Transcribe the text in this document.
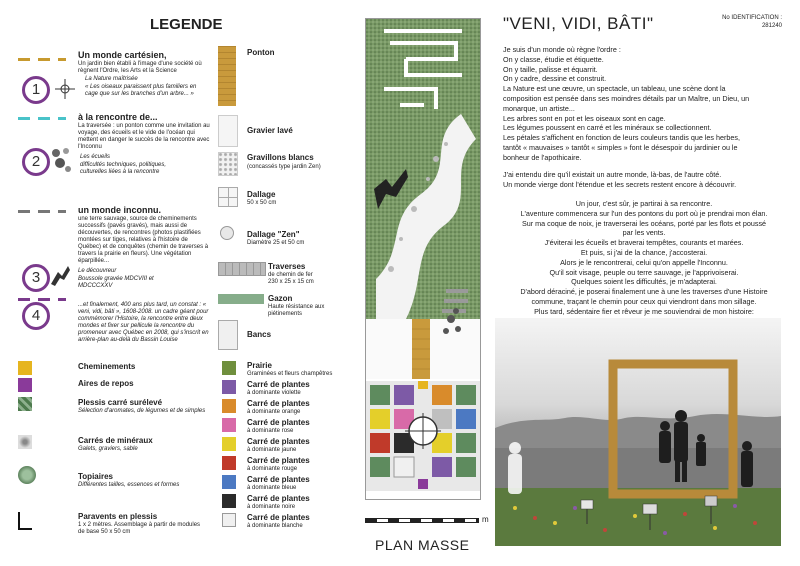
LEGENDE
1
Un monde cartésien,
Un jardin bien établi à l'image d'une société où règnent l'Ordre, les Arts et la Science
La Nature maîtrisée
« Les oiseaux paraissent plus familiers en cage que sur les branches d'un arbre... »
2
à la rencontre de...
La traversée : un ponton comme une invitation au voyage, des écueils et le vide de l'océan qui mettent en danger le succès de la rencontre avec l'Inconnu
Les écueils
difficultés techniques, politiques, culturelles liées à la rencontre
3
un monde inconnu.
une terre sauvage, source de cheminements successifs (pavés gravés), mais aussi de découvertes, de rencontres (photos plastifiées montées sur tiges, relatives à l'histoire de Québec) et de conquêtes (chemin de traverses à travers la prairie en fleurs). Une végétation éparpillée...
Le découvreur
Boussole gravée MDCVIII et MDCCCXXV
4
...et finalement, 400 ans plus tard, un constat : « veni, vidi, bâti », 1608-2008. un cadre géant pour commémorer l'Histoire, la rencontre entre deux mondes et fixer sur pellicule la rencontre du promeneur avec Québec en 2008, qui s'inscrit en arrière-plan au-delà du Bassin Louise
Cheminements
Aires de repos
Plessis carré surélevé
Sélection d'aromates, de légumes et de simples
Carrés de minéraux
Galets, graviers, sable
Topiaires
Différentes tailles, essences et formes
Paravents en plessis
1 x 2 mètres. Assemblage à partir de modules de base 50 x 50 cm
Ponton
Gravier lavé
Gravillons blancs
(concassés type jardin Zen)
Dallage
50 x 50 cm
Dallage "Zen"
Diamètre 25 et 50 cm
Traverses
de chemin de fer 230 x 25 x 15 cm
Gazon
Haute résistance aux piétinements
Bancs
Prairie
Graminées et fleurs champêtres
Carré de plantes
à dominante violette
Carré de plantes
à dominante orange
Carré de plantes
à dominante rose
Carré de plantes
à dominante jaune
Carré de plantes
à dominante rouge
Carré de plantes
à dominante bleue
Carré de plantes
à dominante noire
Carré de plantes
à dominante blanche
m
PLAN MASSE
"VENI, VIDI, BÂTI"	No IDENTIFICATION :
281240
Je suis d'un monde où règne l'ordre :
On y classe, étudie et étiquette.
On y taille, palisse et équarrit.
On y cadre, dessine et construit.
La Nature est une œuvre, un spectacle, un tableau, une scène dont la
composition est pensée dans ses moindres détails par un Maître, un Dieu, un
monarque, un artiste...
Les arbres sont en pot et les oiseaux sont en cage.
Les légumes poussent en carré et les minéraux se collectionnent.
Les pétales s'affichent en fonction de leurs couleurs tandis que les herbes,
tantôt « mauvaises » tantôt « simples » font le désespoir du jardinier ou le
bonheur de l'apothicaire.
J'ai entendu dire qu'il existait un autre monde, là-bas, de l'autre côté.
Un monde vierge dont l'étendue et les secrets restent encore à découvrir.
Un jour, c'est sûr, je partirai à sa rencontre.
L'aventure commencera sur l'un des pontons du port où je prendrai mon élan.
Sur ma coque de noix, je traverserai les océans, porté par les flots et poussé
par les vents.
J'éviterai les écueils et braverai tempêtes, courants et marées.
Et puis, si j'ai de la chance, j'accosterai.
Alors je le rencontrerai, celui qu'on appelle l'Inconnu.
Qu'il soit visage, peuple ou terre sauvage, je l'apprivoiserai.
Quelques soient les difficultés, je m'adapterai.
D'abord déraciné, je poserai finalement une à une les traverses d'une Histoire
commune, traçant le chemin pour ceux qui viendront dans mon sillage.
Plus tard, sédentaire fier et rêveur je me souviendrai de mon histoire:
